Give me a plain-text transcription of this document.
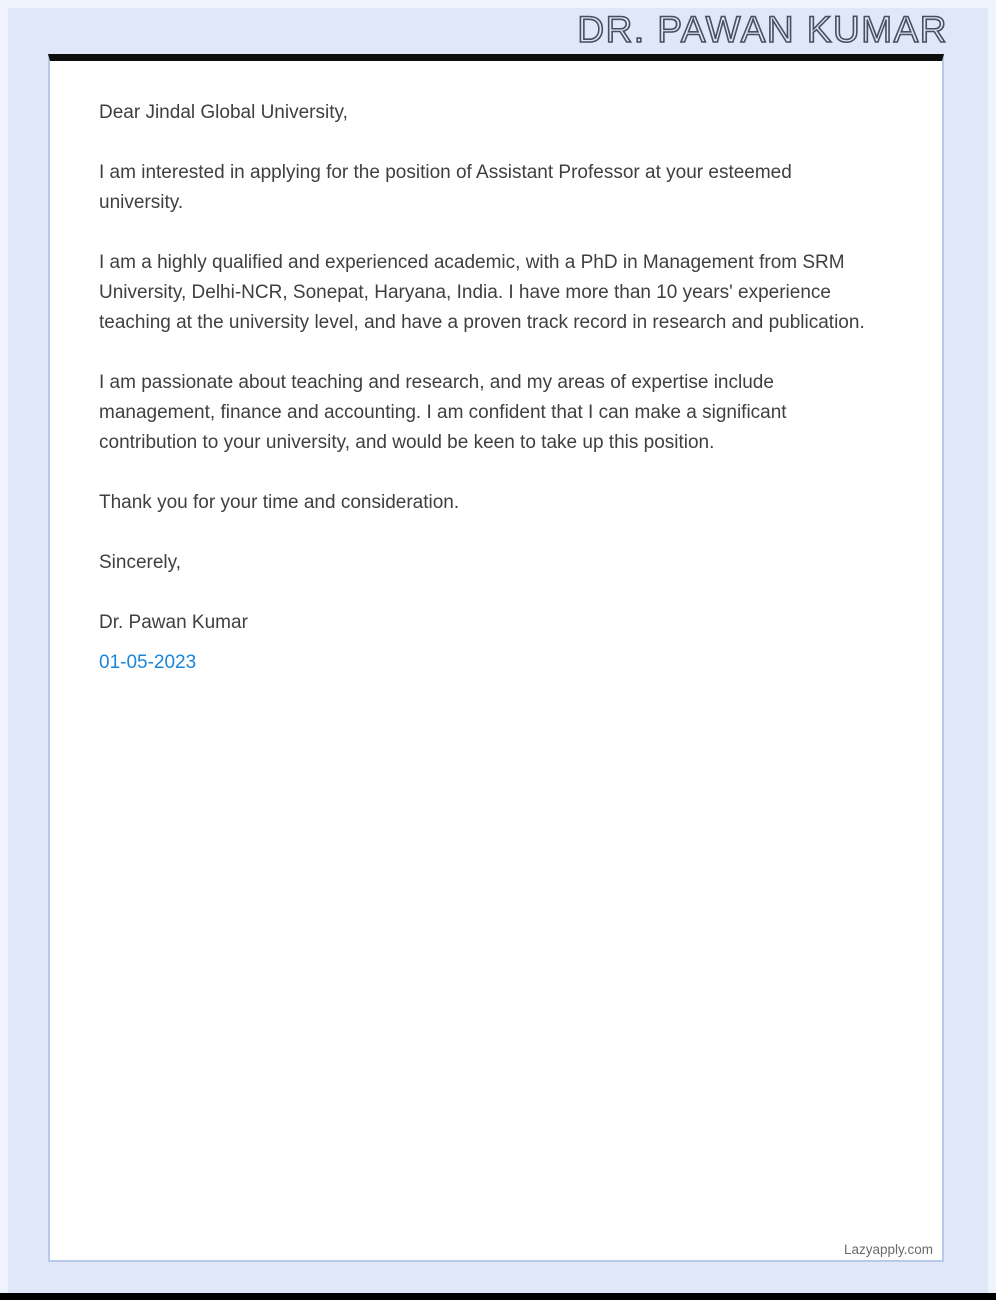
DR. PAWAN KUMAR

Dear Jindal Global University,

I am interested in applying for the position of Assistant Professor at your esteemed university.

I am a highly qualified and experienced academic, with a PhD in Management from SRM University, Delhi-NCR, Sonepat, Haryana, India. I have more than 10 years' experience teaching at the university level, and have a proven track record in research and publication.

I am passionate about teaching and research, and my areas of expertise include management, finance and accounting. I am confident that I can make a significant contribution to your university, and would be keen to take up this position.

Thank you for your time and consideration.

Sincerely,

Dr. Pawan Kumar

01-05-2023
Lazyapply.com
